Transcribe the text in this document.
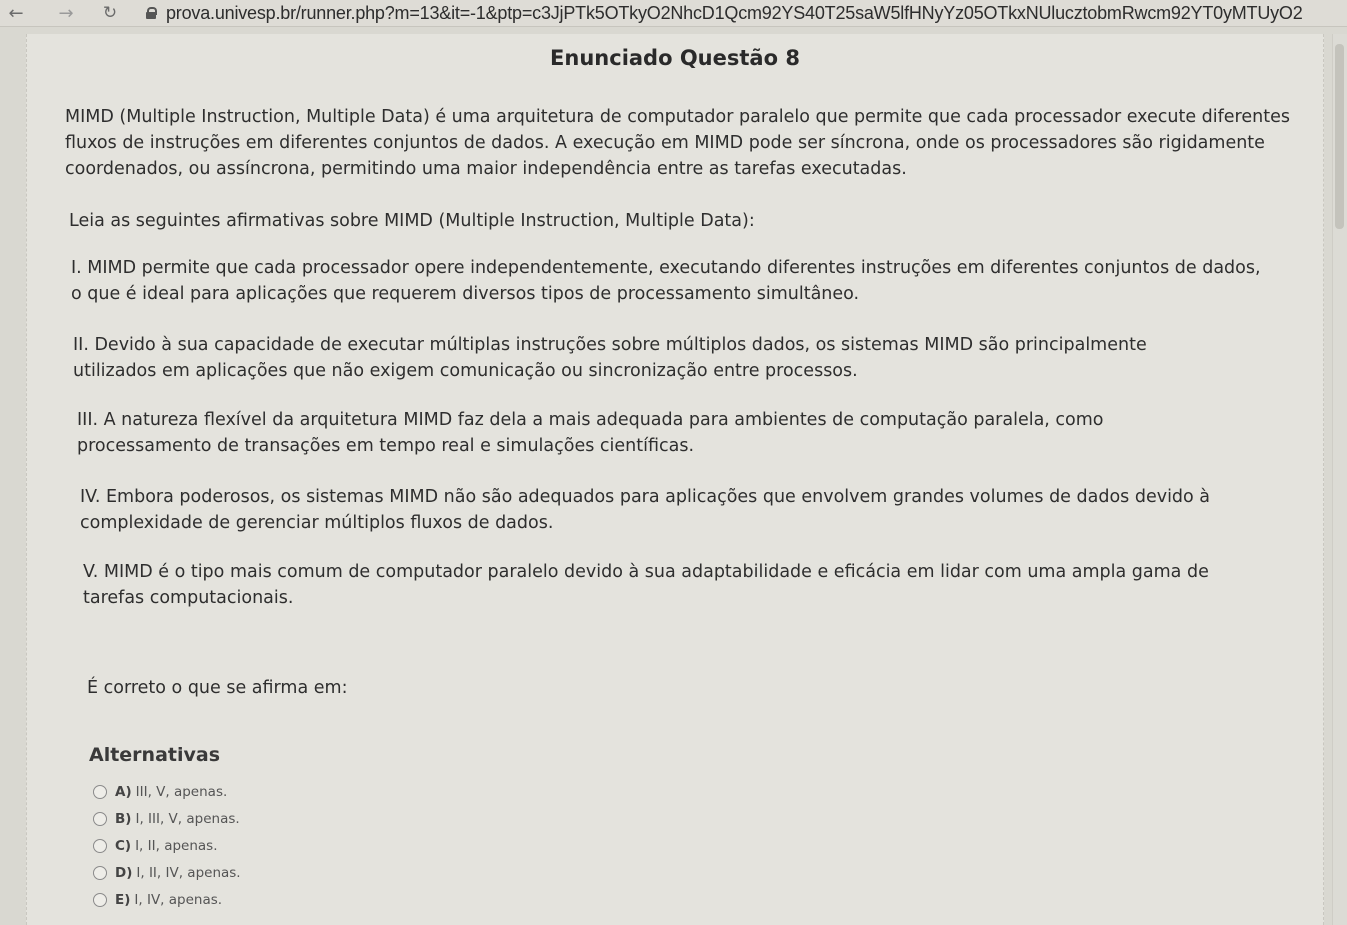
←	→	↻	prova.univesp.br/runner.php?m=13&it=-1&ptp=c3JjPTk5OTkyO2NhcD1Qcm92YS40T25saW5lfHNyYz05OTkxNUlucztobmRwcm92YT0yMTUyO2
Enunciado Questão 8

MIMD (Multiple Instruction, Multiple Data) é uma arquitetura de computador paralelo que permite que cada processador execute diferentes fluxos de instruções em diferentes conjuntos de dados. A execução em MIMD pode ser síncrona, onde os processadores são rigidamente coordenados, ou assíncrona, permitindo uma maior independência entre as tarefas executadas.

Leia as seguintes afirmativas sobre MIMD (Multiple Instruction, Multiple Data):

I. MIMD permite que cada processador opere independentemente, executando diferentes instruções em diferentes conjuntos de dados, o que é ideal para aplicações que requerem diversos tipos de processamento simultâneo.

II. Devido à sua capacidade de executar múltiplas instruções sobre múltiplos dados, os sistemas MIMD são principalmente utilizados em aplicações que não exigem comunicação ou sincronização entre processos.

III. A natureza flexível da arquitetura MIMD faz dela a mais adequada para ambientes de computação paralela, como processamento de transações em tempo real e simulações científicas.

IV. Embora poderosos, os sistemas MIMD não são adequados para aplicações que envolvem grandes volumes de dados devido à complexidade de gerenciar múltiplos fluxos de dados.

V. MIMD é o tipo mais comum de computador paralelo devido à sua adaptabilidade e eficácia em lidar com uma ampla gama de tarefas computacionais.

É correto o que se afirma em:

Alternativas
A) III, V, apenas.
B) I, III, V, apenas.
C) I, II, apenas.
D) I, II, IV, apenas.
E) I, IV, apenas.
